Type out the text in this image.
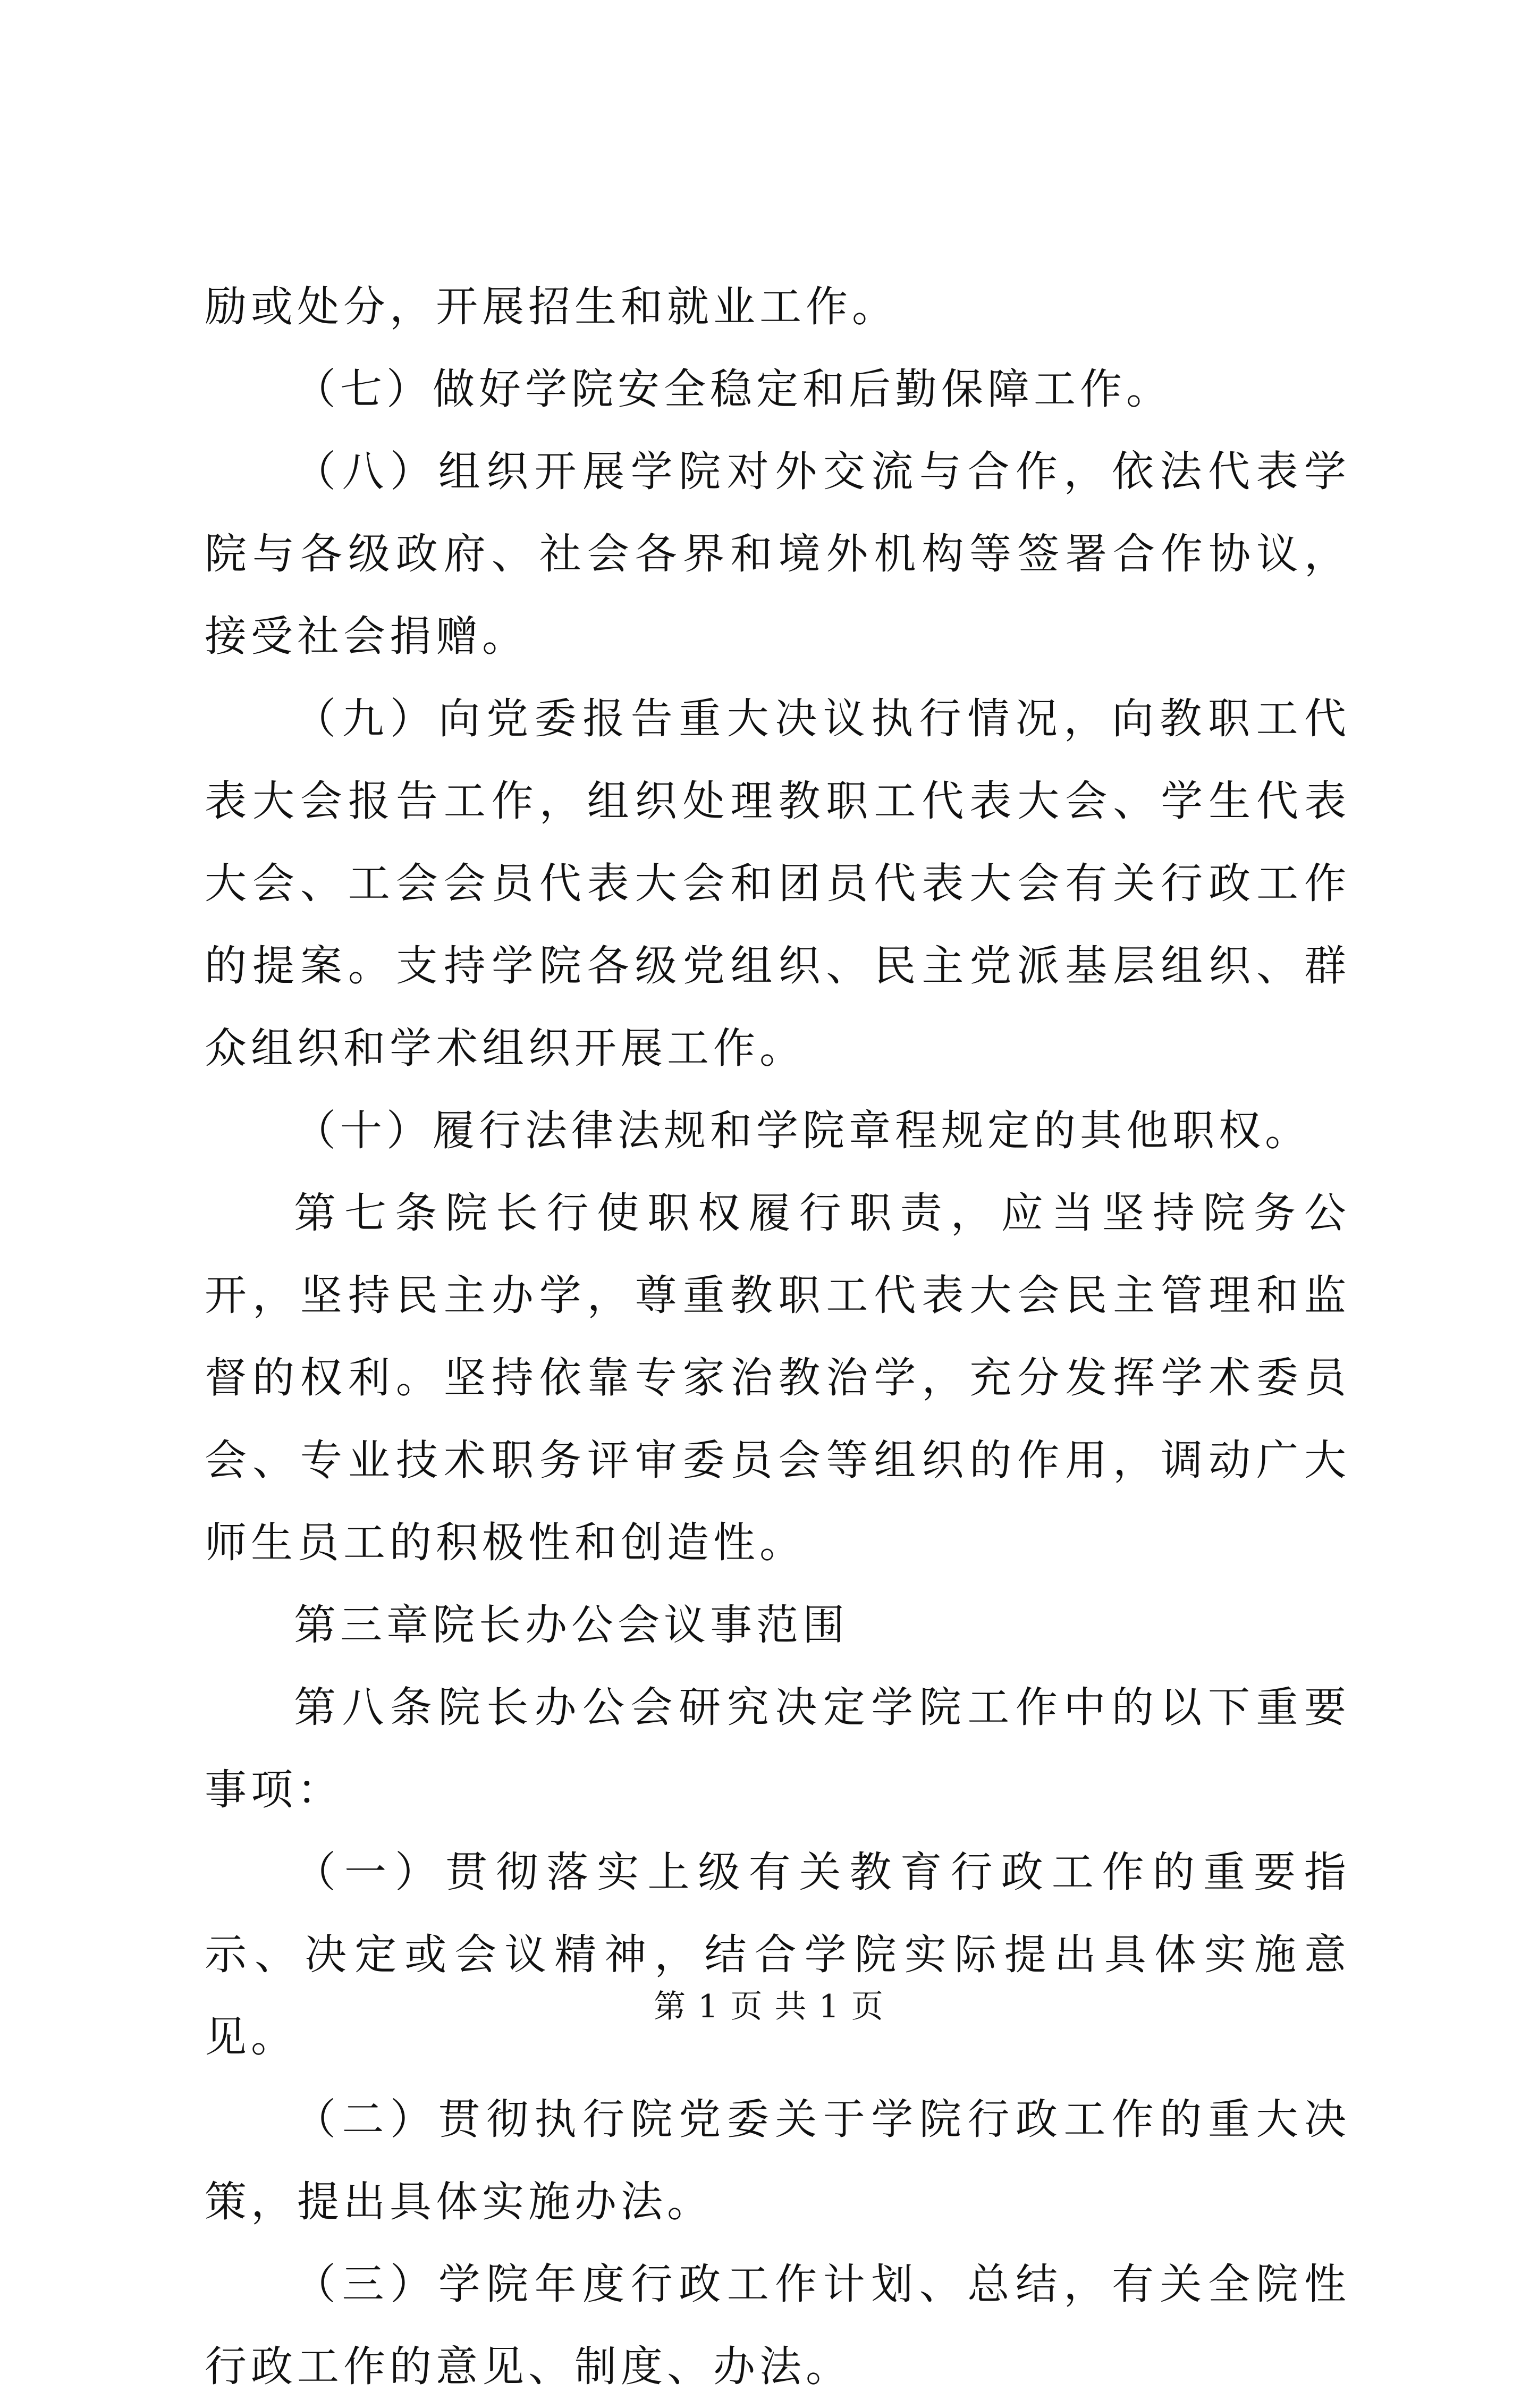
励或处分，开展招生和就业工作。

（七）做好学院安全稳定和后勤保障工作。

（八）组织开展学院对外交流与合作，依法代表学院与各级政府、社会各界和境外机构等签署合作协议，接受社会捐赠。

（九）向党委报告重大决议执行情况，向教职工代表大会报告工作，组织处理教职工代表大会、学生代表大会、工会会员代表大会和团员代表大会有关行政工作的提案。支持学院各级党组织、民主党派基层组织、群众组织和学术组织开展工作。

（十）履行法律法规和学院章程规定的其他职权。

第七条院长行使职权履行职责，应当坚持院务公开，坚持民主办学，尊重教职工代表大会民主管理和监督的权利。坚持依靠专家治教治学，充分发挥学术委员会、专业技术职务评审委员会等组织的作用，调动广大师生员工的积极性和创造性。

第三章院长办公会议事范围

第八条院长办公会研究决定学院工作中的以下重要事项：

（一）贯彻落实上级有关教育行政工作的重要指示、决定或会议精神，结合学院实际提出具体实施意见。

（二）贯彻执行院党委关于学院行政工作的重大决策，提出具体实施办法。

（三）学院年度行政工作计划、总结，有关全院性行政工作的意见、制度、办法。

第 1 页 共 1 页
